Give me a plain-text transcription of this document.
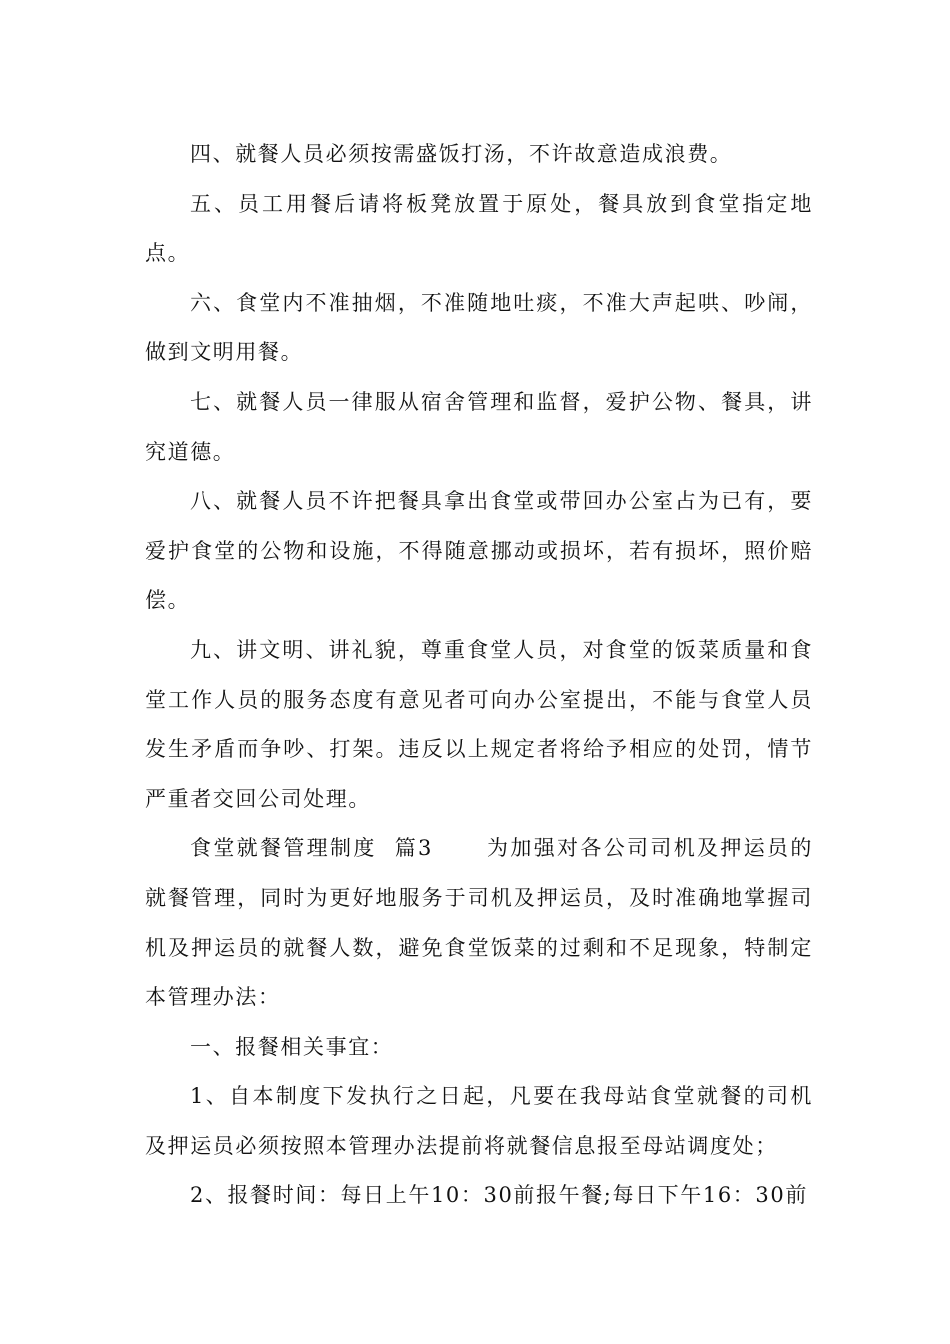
四、就餐人员必须按需盛饭打汤，不许故意造成浪费。

五、员工用餐后请将板凳放置于原处，餐具放到食堂指定地点。

六、食堂内不准抽烟，不准随地吐痰，不准大声起哄、吵闹，做到文明用餐。

七、就餐人员一律服从宿舍管理和监督，爱护公物、餐具，讲究道德。

八、就餐人员不许把餐具拿出食堂或带回办公室占为已有，要爱护食堂的公物和设施，不得随意挪动或损坏，若有损坏，照价赔偿。

九、讲文明、讲礼貌，尊重食堂人员，对食堂的饭菜质量和食堂工作人员的服务态度有意见者可向办公室提出，不能与食堂人员发生矛盾而争吵、打架。违反以上规定者将给予相应的处罚，情节严重者交回公司处理。

食堂就餐管理制度  篇3      为加强对各公司司机及押运员的就餐管理，同时为更好地服务于司机及押运员，及时准确地掌握司机及押运员的就餐人数，避免食堂饭菜的过剩和不足现象，特制定本管理办法：

一、报餐相关事宜：

1、自本制度下发执行之日起，凡要在我母站食堂就餐的司机及押运员必须按照本管理办法提前将就餐信息报至母站调度处；

2、报餐时间：每日上午10：30前报午餐;每日下午16：30前
